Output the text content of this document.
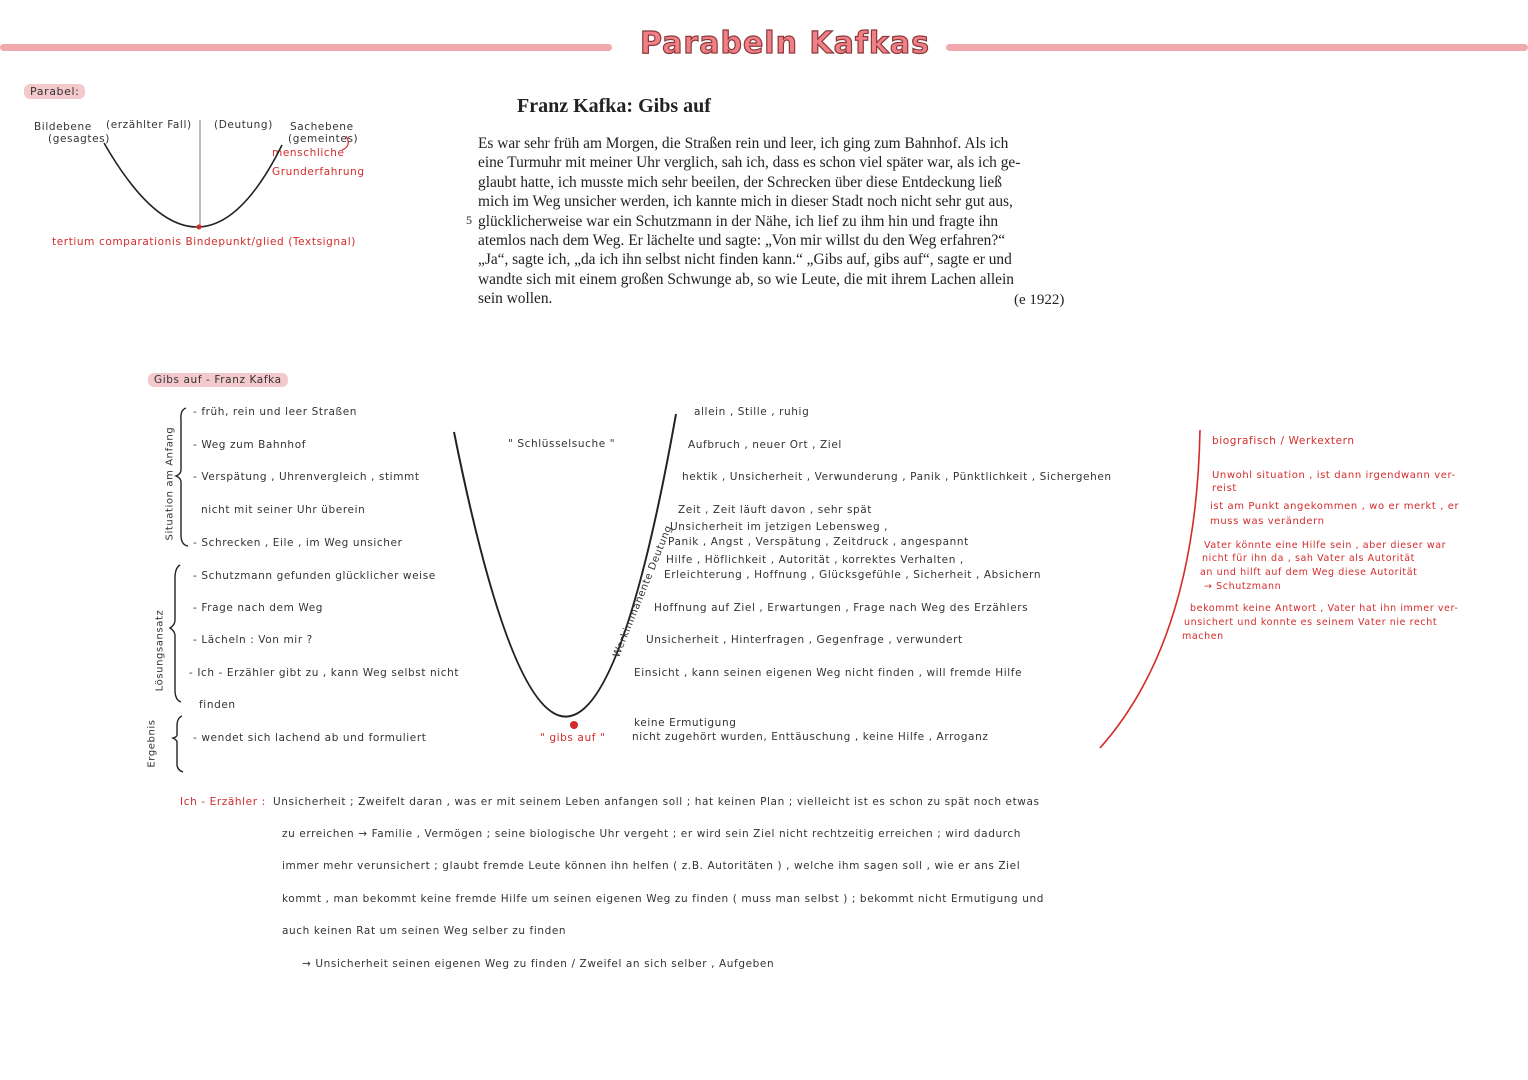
Parabeln Kafkas
Parabel:
Bildebene
(gesagtes)
(erzählter Fall) (Deutung) Sachebene
(gemeintes)
menschliche
Grunderfahrung
tertium comparationis Bindepunkt/glied (Textsignal)
Franz Kafka: Gibs auf
5

Es war sehr früh am Morgen, die Straßen rein und leer, ich ging zum Bahnhof. Als ich

eine Turmuhr mit meiner Uhr verglich, sah ich, dass es schon viel später war, als ich ge-

glaubt hatte, ich musste mich sehr beeilen, der Schrecken über diese Entdeckung ließ

mich im Weg unsicher werden, ich kannte mich in dieser Stadt noch nicht sehr gut aus,

glücklicherweise war ein Schutzmann in der Nähe, ich lief zu ihm hin und fragte ihn

atemlos nach dem Weg. Er lächelte und sagte: „Von mir willst du den Weg erfahren?“

„Ja“, sagte ich, „da ich ihn selbst nicht finden kann.“ „Gibs auf, gibs auf“, sagte er und

wandte sich mit einem großen Schwunge ab, so wie Leute, die mit ihrem Lachen allein

sein wollen.	(e 1922)
Gibs auf - Franz Kafka
Situation am Anfang
Lösungsansatz
Ergebnis
- früh, rein und leer Straßen
- Weg zum Bahnhof
- Verspätung , Uhrenvergleich , stimmt
nicht mit seiner Uhr überein
- Schrecken , Eile , im Weg unsicher
- Schutzmann gefunden glücklicher weise
- Frage nach dem Weg
- Lächeln : Von mir ?
- Ich - Erzähler gibt zu , kann Weg selbst nicht
finden
- wendet sich lachend ab und formuliert
" Schlüsselsuche "
" gibs auf "
Werkimmanente Deutung
allein , Stille , ruhig
Aufbruch , neuer Ort , Ziel
hektik , Unsicherheit , Verwunderung , Panik , Pünktlichkeit , Sichergehen
Zeit , Zeit läuft davon , sehr spät
Unsicherheit im jetzigen Lebensweg ,
Panik , Angst , Verspätung , Zeitdruck , angespannt
Hilfe , Höflichkeit , Autorität , korrektes Verhalten ,
Erleichterung , Hoffnung , Glücksgefühle , Sicherheit , Absichern
Hoffnung auf Ziel , Erwartungen , Frage nach Weg des Erzählers
Unsicherheit , Hinterfragen , Gegenfrage , verwundert
Einsicht , kann seinen eigenen Weg nicht finden , will fremde Hilfe
keine Ermutigung
nicht zugehört wurden, Enttäuschung , keine Hilfe , Arroganz
biografisch / Werkextern
Unwohl situation , ist dann irgendwann ver-
reist
ist am Punkt angekommen , wo er merkt , er
muss was verändern
Vater könnte eine Hilfe sein , aber dieser war
nicht für ihn da , sah Vater als Autorität
an und hilft auf dem Weg diese Autorität
→ Schutzmann
bekommt keine Antwort , Vater hat ihn immer ver-
unsichert und konnte es seinem Vater nie recht
machen
Ich - Erzähler : Unsicherheit ; Zweifelt daran , was er mit seinem Leben anfangen soll ; hat keinen Plan ; vielleicht ist es schon zu spät noch etwas
zu erreichen → Familie , Vermögen ; seine biologische Uhr vergeht ; er wird sein Ziel nicht rechtzeitig erreichen ; wird dadurch
immer mehr verunsichert ; glaubt fremde Leute können ihn helfen ( z.B. Autoritäten ) , welche ihm sagen soll , wie er ans Ziel
kommt , man bekommt keine fremde Hilfe um seinen eigenen Weg zu finden ( muss man selbst ) ; bekommt nicht Ermutigung und
auch keinen Rat um seinen Weg selber zu finden
→ Unsicherheit seinen eigenen Weg zu finden / Zweifel an sich selber , Aufgeben
